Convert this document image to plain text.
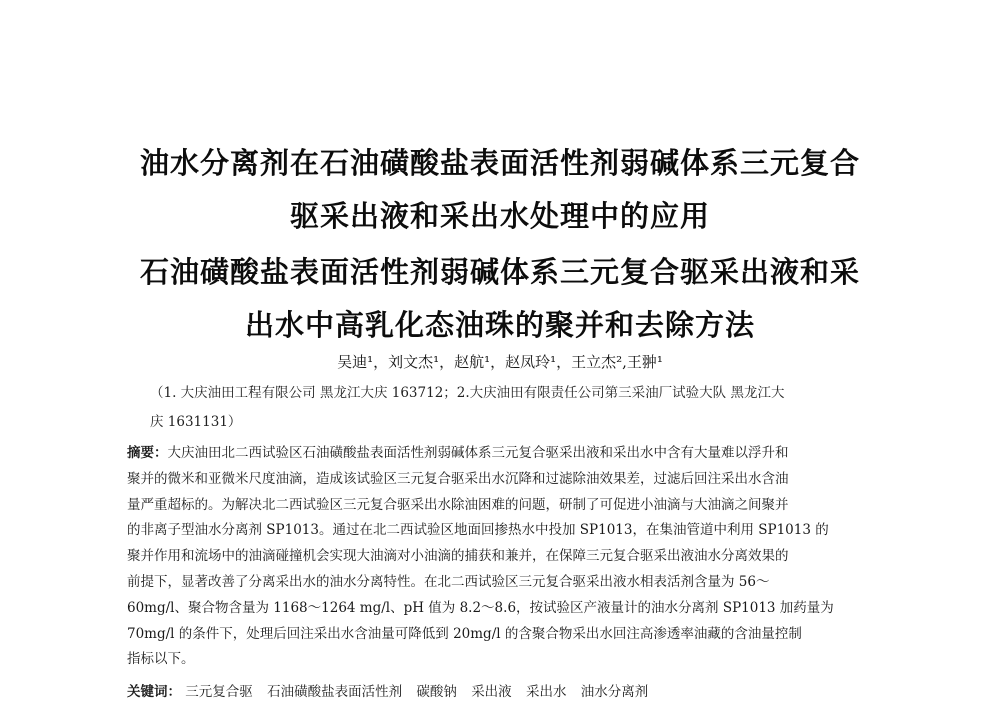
油水分离剂在石油磺酸盐表面活性剂弱碱体系三元复合
驱采出液和采出水处理中的应用
石油磺酸盐表面活性剂弱碱体系三元复合驱采出液和采
出水中高乳化态油珠的聚并和去除方法
吴迪¹，刘文杰¹，赵航¹，赵凤玲¹，王立杰²,王翀¹
（1. 大庆油田工程有限公司 黑龙江大庆 163712；2.大庆油田有限责任公司第三采油厂试验大队 黑龙江大
庆 1631131）
摘要：大庆油田北二西试验区石油磺酸盐表面活性剂弱碱体系三元复合驱采出液和采出水中含有大量难以浮升和
聚并的微米和亚微米尺度油滴，造成该试验区三元复合驱采出水沉降和过滤除油效果差，过滤后回注采出水含油
量严重超标的。为解决北二西试验区三元复合驱采出水除油困难的问题，研制了可促进小油滴与大油滴之间聚并
的非离子型油水分离剂 SP1013。通过在北二西试验区地面回掺热水中投加 SP1013，在集油管道中利用 SP1013 的
聚并作用和流场中的油滴碰撞机会实现大油滴对小油滴的捕获和兼并，在保障三元复合驱采出液油水分离效果的
前提下，显著改善了分离采出水的油水分离特性。在北二西试验区三元复合驱采出液水相表活剂含量为 56～
60mg/l、聚合物含量为 1168～1264 mg/l、pH 值为 8.2～8.6，按试验区产液量计的油水分离剂 SP1013 加药量为
70mg/l 的条件下，处理后回注采出水含油量可降低到 20mg/l 的含聚合物采出水回注高渗透率油藏的含油量控制
指标以下。
关键词： 三元复合驱 石油磺酸盐表面活性剂 碳酸钠 采出液 采出水 油水分离剂
